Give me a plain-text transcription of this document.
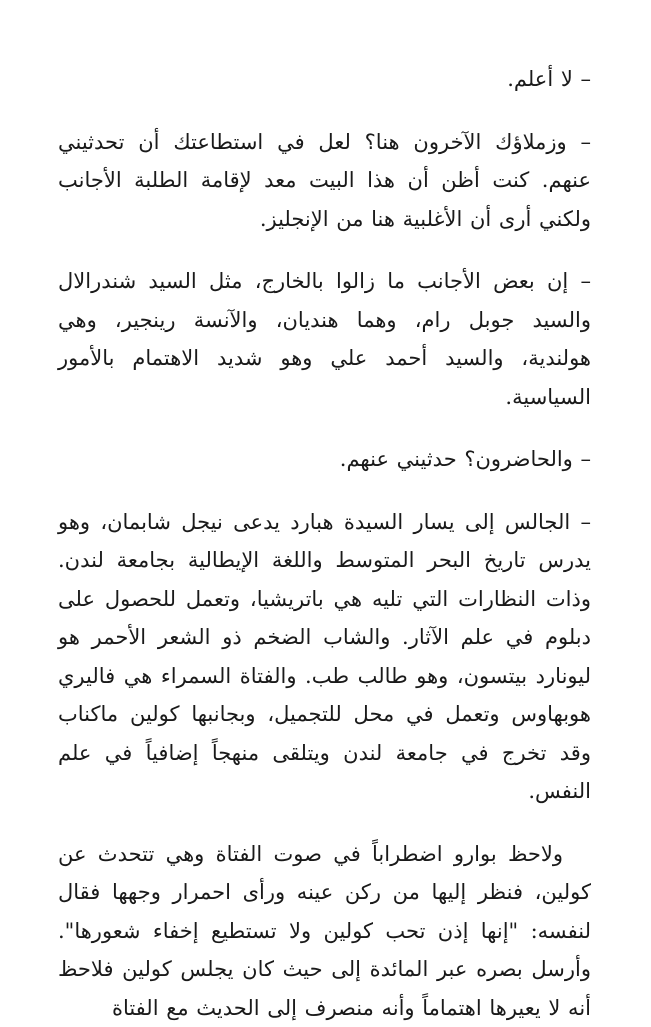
– لا أعلم.

– وزملاؤك الآخرون هنا؟ لعل في استطاعتك أن تحدثيني عنهم. كنت أظن أن هذا البيت معد لإقامة الطلبة الأجانب ولكني أرى أن الأغلبية هنا من الإنجليز.

– إن بعض الأجانب ما زالوا بالخارج، مثل السيد شندرالال والسيد جوبل رام، وهما هنديان، والآنسة رينجير، وهي هولندية، والسيد أحمد علي وهو شديد الاهتمام بالأمور السياسية.

– والحاضرون؟ حدثيني عنهم.

– الجالس إلى يسار السيدة هبارد يدعى نيجل شابمان، وهو يدرس تاريخ البحر المتوسط واللغة الإيطالية بجامعة لندن. وذات النظارات التي تليه هي باتريشيا، وتعمل للحصول على دبلوم في علم الآثار. والشاب الضخم ذو الشعر الأحمر هو ليونارد بيتسون، وهو طالب طب. والفتاة السمراء هي فاليري هوبهاوس وتعمل في محل للتجميل، وبجانبها كولين ماكناب وقد تخرج في جامعة لندن ويتلقى منهجاً إضافياً في علم النفس.

ولاحظ بوارو اضطراباً في صوت الفتاة وهي تتحدث عن كولين، فنظر إليها من ركن عينه ورأى احمرار وجهها فقال لنفسه: "إنها إذن تحب كولين ولا تستطيع إخفاء شعورها". وأرسل بصره عبر المائدة إلى حيث كان يجلس كولين فلاحظ أنه لا يعيرها اهتماماً وأنه منصرف إلى الحديث مع الفتاة
